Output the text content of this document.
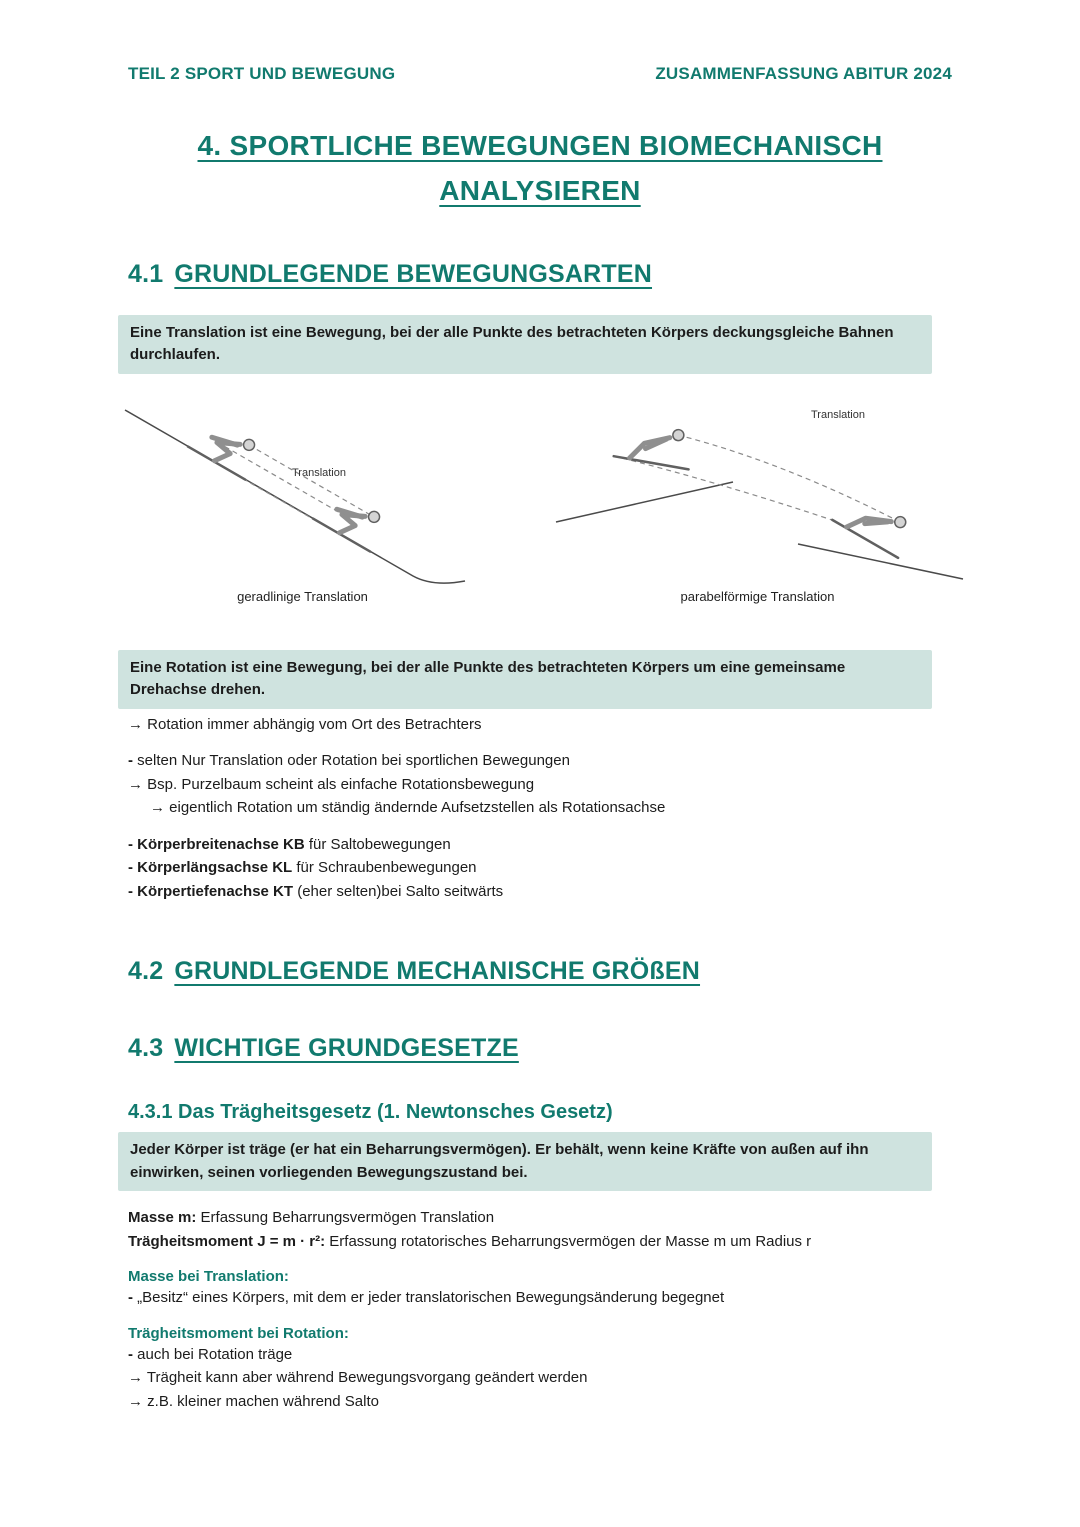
TEIL 2 SPORT UND BEWEGUNG	ZUSAMMENFASSUNG ABITUR 2024
4. SPORTLICHE BEWEGUNGEN BIOMECHANISCH
ANALYSIEREN
4.1 GRUNDLEGENDE BEWEGUNGSARTEN
Eine Translation ist eine Bewegung, bei der alle Punkte des betrachteten Körpers deckungsgleiche Bahnen durchlaufen.
Translation
geradlinige Translation
Translation
parabelförmige Translation
Eine Rotation ist eine Bewegung, bei der alle Punkte des betrachteten Körpers um eine gemeinsame Drehachse drehen.

→ Rotation immer abhängig vom Ort des Betrachters

- selten Nur Translation oder Rotation bei sportlichen Bewegungen

→ Bsp. Purzelbaum scheint als einfache Rotationsbewegung

→ eigentlich Rotation um ständig ändernde Aufsetzstellen als Rotationsachse

- Körperbreitenachse KB für Saltobewegungen

- Körperlängsachse KL für Schraubenbewegungen

- Körpertiefenachse KT (eher selten)bei Salto seitwärts

4.2 GRUNDLEGENDE MECHANISCHE GRÖßEN
4.3 WICHTIGE GRUNDGESETZE
4.3.1 Das Trägheitsgesetz (1. Newtonsches Gesetz)
Jeder Körper ist träge (er hat ein Beharrungsvermögen). Er behält, wenn keine Kräfte von außen auf ihn einwirken, seinen vorliegenden Bewegungszustand bei.

Masse m: Erfassung Beharrungsvermögen Translation

Trägheitsmoment J = m · r²: Erfassung rotatorisches Beharrungsvermögen der Masse m um Radius r

Masse bei Translation:

- „Besitz“ eines Körpers, mit dem er jeder translatorischen Bewegungsänderung begegnet

Trägheitsmoment bei Rotation:

- auch bei Rotation träge

→ Trägheit kann aber während Bewegungsvorgang geändert werden

→ z.B. kleiner machen während Salto
